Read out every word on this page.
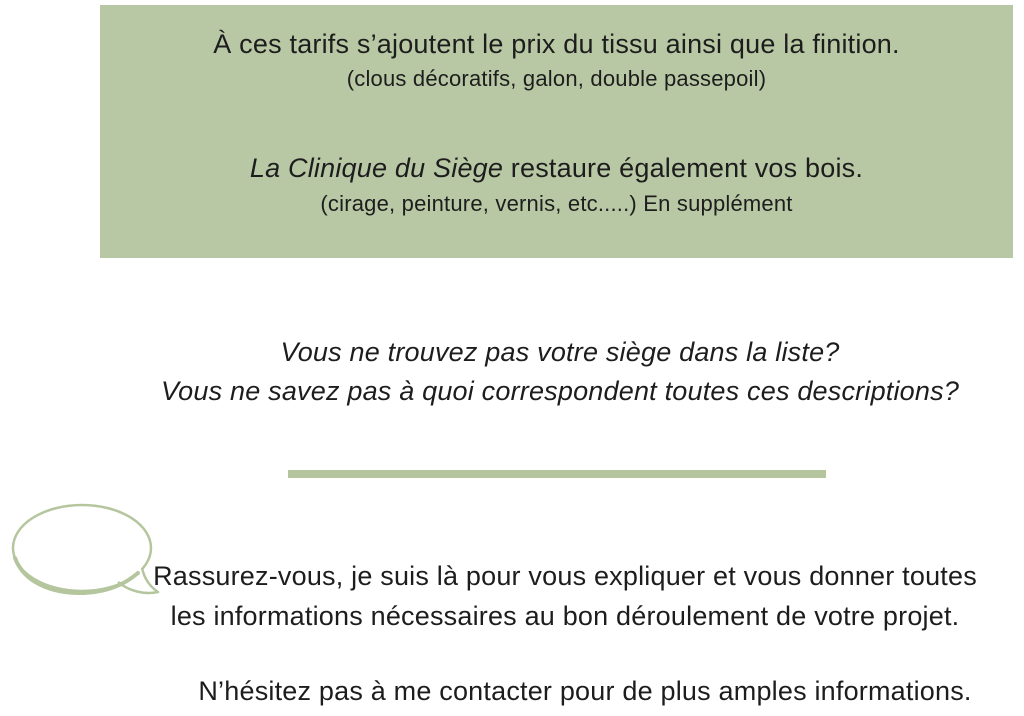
À ces tarifs s’ajoutent le prix du tissu ainsi que la finition.
(clous décoratifs, galon, double passepoil)
La Clinique du Siège restaure également vos bois.
(cirage, peinture, vernis, etc.....) En supplément
Vous ne trouvez pas votre siège dans la liste?
Vous ne savez pas à quoi correspondent toutes ces descriptions?
Rassurez-vous, je suis là pour vous expliquer et vous donner toutes
les informations nécessaires au bon déroulement de votre projet.
N’hésitez pas à me contacter pour de plus amples informations.
